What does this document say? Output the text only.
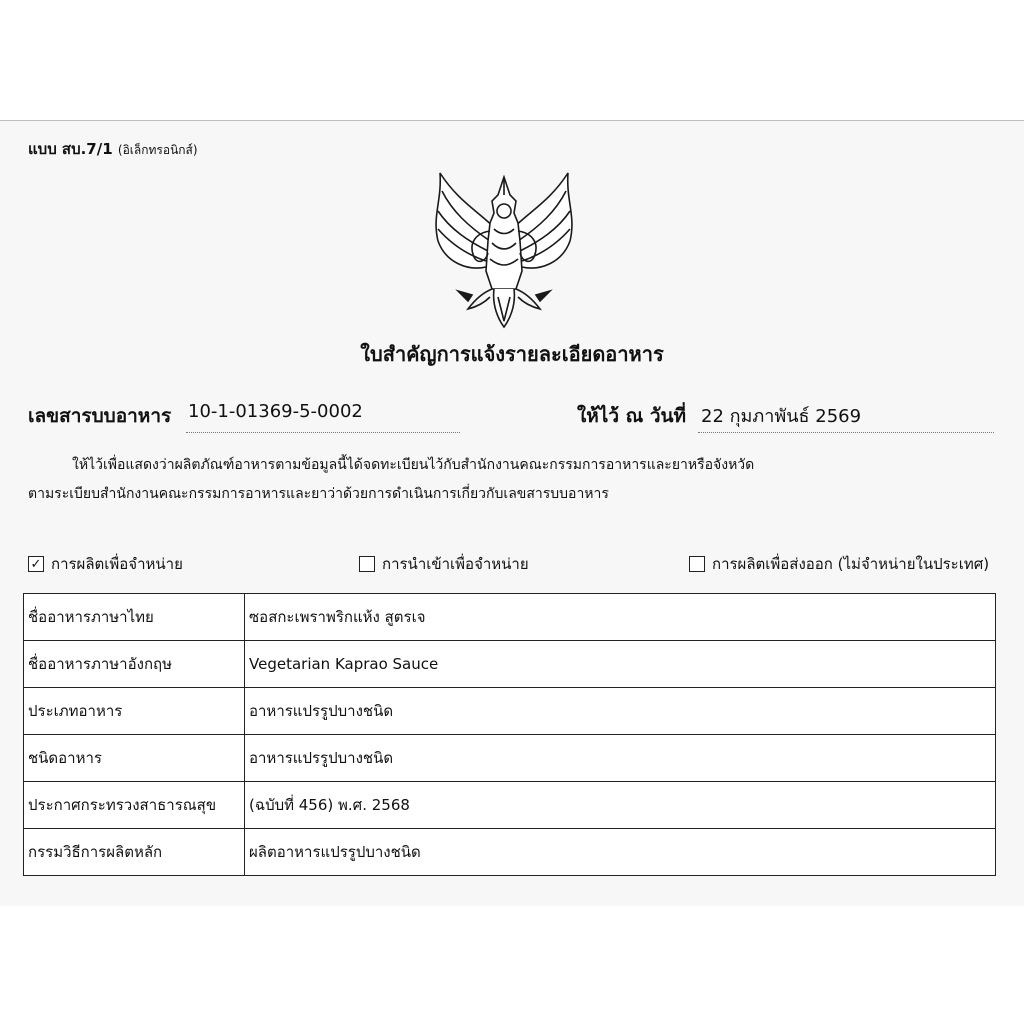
แบบ สบ.7/1 (อิเล็กทรอนิกส์)
ใบสำคัญการแจ้งรายละเอียดอาหาร
เลขสารบบอาหาร 10-1-01369-5-0002	ให้ไว้ ณ วันที่ 22 กุมภาพันธ์ 2569
ให้ไว้เพื่อแสดงว่าผลิตภัณฑ์อาหารตามข้อมูลนี้ได้จดทะเบียนไว้กับสำนักงานคณะกรรมการอาหารและยาหรือจังหวัด
ตามระเบียบสำนักงานคณะกรรมการอาหารและยาว่าด้วยการดำเนินการเกี่ยวกับเลขสารบบอาหาร
✓ การผลิตเพื่อจำหน่าย	การนำเข้าเพื่อจำหน่าย	การผลิตเพื่อส่งออก (ไม่จำหน่ายในประเทศ)
ชื่ออาหารภาษาไทย	ซอสกะเพราพริกแห้ง สูตรเจ
ชื่ออาหารภาษาอังกฤษ	Vegetarian Kaprao Sauce
ประเภทอาหาร	อาหารแปรรูปบางชนิด
ชนิดอาหาร	อาหารแปรรูปบางชนิด
ประกาศกระทรวงสาธารณสุข	(ฉบับที่ 456) พ.ศ. 2568
กรรมวิธีการผลิตหลัก	ผลิตอาหารแปรรูปบางชนิด
